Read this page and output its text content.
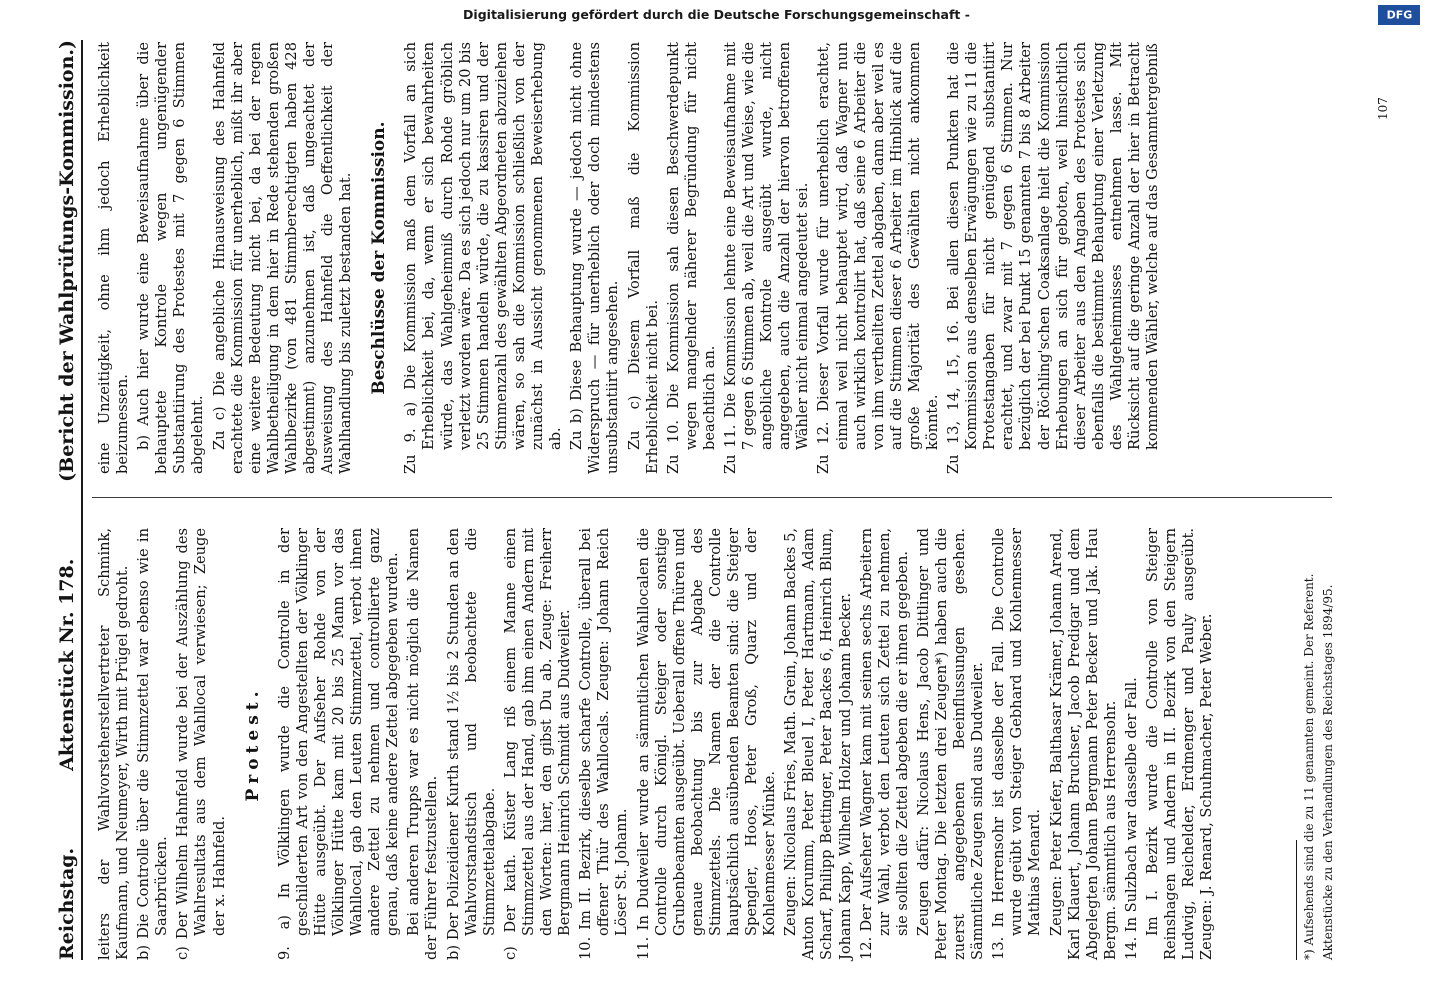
Reichstag.
Aktenstück Nr. 178.
(Bericht der Wahlprüfungs-Kommission.)

leiters der Wahlvorsteherstellvertreter Schmink, Kaufmann, und Neumeyer, Wirth mit Prügel gedroht. b) Die Controlle über die Stimmzettel war ebenso wie in Saarbrücken. c) Der Wilhelm Hahnfeld wurde bei der Auszählung des Wahlresultats aus dem Wahllocal verwiesen; Zeuge der x. Hahnfeld.

Protest. 9. a) In Völklingen wurde die Controlle in der geschilderten Art von den Angestellten der Völklinger Hütte ausgeübt. Der Aufseher Rohde von der Völklinger Hütte kam mit 20 bis 25 Mann vor das Wahllocal, gab den Leuten Stimmzettel, verbot ihnen andere Zettel zu nehmen und controllierte ganz genau, daß keine andere Zettel abgegeben wurden. Bei anderen Trupps war es nicht möglich die Namen der Führer festzustellen. b) Der Polizeidiener Kurth stand 1½ bis 2 Stunden an den Wahlvorstandstisch und beobachtete die Stimmzettelabgabe. c) Der kath. Küster Lang riß einem Manne einen Stimmzettel aus der Hand, gab ihm einen Andern mit den Worten: hier, den gibst Du ab. Zeuge: Freiherr Bergmann Heinrich Schmidt aus Dudweiler. 10. Im II. Bezirk, dieselbe scharfe Controlle, überall bei offener Thür des Wahllocals. Zeugen: Johann Reich Löser St. Johann. 11. In Dudweiler wurde an sämmtlichen Wahllocalen die Controlle durch Königl. Steiger oder sonstige Grubenbeamten ausgeübt. Ueberall offene Thüren und genaue Beobachtung bis zur Abgabe des Stimmzettels. Die Namen der die Controlle hauptsächlich ausübenden Beamten sind: die Steiger Spengler, Hoos, Peter Groß, Quarz und der Kohlenmesser Münke. Zeugen: Nicolaus Fries, Math. Grein, Johann Backes 5, Anton Korumm, Peter Bleuel I, Peter Hartmann, Adam Scharf, Philipp Bettinger, Peter Backes 6, Heinrich Blum, Johann Kapp, Wilhelm Holzer und Johann Becker. 12. Der Aufseher Wagner kam mit seinen sechs Arbeitern zur Wahl, verbot den Leuten sich Zettel zu nehmen, sie sollten die Zettel abgeben die er ihnen gegeben. Zeugen dafür: Nicolaus Hens, Jacob Dittlinger und Peter Montag. Die letzten drei Zeugen*) haben auch die zuerst angegebenen Beeinflussungen gesehen. Sämmtliche Zeugen sind aus Dudweiler. 13. In Herrensohr ist dasselbe der Fall. Die Controlle wurde geübt von Steiger Gebhard und Kohlenmesser Mathias Menard. Zeugen: Peter Kiefer, Balthasar Krämer, Johann Arend, Karl Klauert, Johann Bruchser, Jacob Predigar und dem Abgelegten Johann Bergmann Peter Becker und Jak. Hau Bergm. sämmtlich aus Herrensohr. 14. In Sulzbach war dasselbe der Fall. Im I. Bezirk wurde die Controlle von Steiger Reinshagen und Andern in II. Bezirk von den Steigern Ludwig, Reichelder, Erdmenger und Pauly ausgeübt. Zeugen: J. Renard, Schuhmacher, Peter Weber.

eine Unzeitigkeit, ohne ihm jedoch Erheblichkeit beizumessen. b) Auch hier wurde eine Beweisaufnahme über die behauptete Kontrole wegen ungenügender Substantiirung des Protestes mit 7 gegen 6 Stimmen abgelehnt. Zu c) Die angebliche Hinausweisung des Hahnfeld erachtete die Kommission für unerheblich, mißt ihr aber eine weitere Bedeutung nicht bei, da bei der regen Wahlbetheiligung in dem hier in Rede stehenden großen Wahlbezirke (von 481 Stimmberechtigten haben 428 abgestimmt) anzunehmen ist, daß ungeachtet der Ausweisung des Hahnfeld die Oeffentlichkeit der Wahlhandlung bis zuletzt bestanden hat. Beschlüsse der Kommission. Zu 9. a) Die Kommission maß dem Vorfall an sich Erheblichkeit bei, da, wenn er sich bewahrheiten würde, das Wahlgeheimniß durch Rohde gröblich verletzt worden wäre. Da es sich jedoch nur um 20 bis 25 Stimmen handeln würde, die zu kassiren und der Stimmenzahl des gewählten Abgeordneten abzuziehen wären, so sah die Kommission schließlich von der zunächst in Aussicht genommenen Beweiserhebung ab. Zu b) Diese Behauptung wurde — jedoch nicht ohne Widerspruch — für unerheblich oder doch mindestens unsubstantiirt angesehen. Zu c) Diesem Vorfall maß die Kommission Erheblichkeit nicht bei. Zu 10. Die Kommission sah diesen Beschwerdepunkt wegen mangelnder näherer Begründung für nicht beachtlich an. Zu 11. Die Kommission lehnte eine Beweisaufnahme mit 7 gegen 6 Stimmen ab, weil die Art und Weise, wie die angebliche Kontrole ausgeübt wurde, nicht angegeben, auch die Anzahl der hiervon betroffenen Wähler nicht einmal angedeutet sei. Zu 12. Dieser Vorfall wurde für unerheblich erachtet, einmal weil nicht behauptet wird, daß Wagner nun auch wirklich kontrolirt hat, daß seine 6 Arbeiter die von ihm vertheilten Zettel abgaben, dann aber weil es auf die Stimmen dieser 6 Arbeiter im Hinblick auf die große Majorität des Gewählten nicht ankommen könnte. Zu 13, 14, 15, 16. Bei allen diesen Punkten hat die Kommission aus denselben Erwägungen wie zu 11 die Protestangaben für nicht genügend substantiirt erachtet, und zwar mit 7 gegen 6 Stimmen. Nur bezüglich der bei Punkt 15 genannten 7 bis 8 Arbeiter der Röchling'schen Coaksanlage hielt die Kommission Erhebungen an sich für geboten, weil hinsichtlich dieser Arbeiter aus den Angaben des Protestes sich ebenfalls die bestimmte Behauptung einer Verletzung des Wahlgeheimnisses entnehmen lasse. Mit Rücksicht auf die geringe Anzahl der hier in Betracht kommenden Wähler, welche auf das Gesammtergebniß

*) Aufsehends sind die zu 11 genannten gemeint. Der Referent. Aktenstücke zu den Verhandlungen des Reichstages 1894/95.

107
Digitalisierung gefördert durch die Deutsche Forschungsgemeinschaft -	DFG
